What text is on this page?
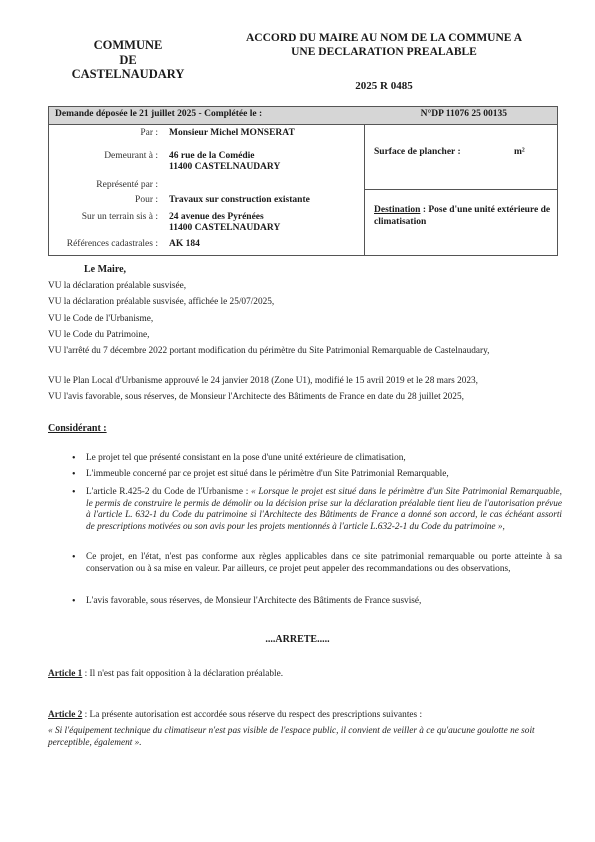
COMMUNE
DE
CASTELNAUDARY
ACCORD DU MAIRE AU NOM DE LA COMMUNE A
UNE DECLARATION PREALABLE
2025 R 0485
Demande déposée le 21 juillet 2025 - Complétée le :	N°DP 11076 25 00135
Par : Monsieur Michel MONSERAT
Demeurant à : 46 rue de la Comédie
11400 CASTELNAUDARY
Représenté par :
Pour : Travaux sur construction existante
Sur un terrain sis à : 24 avenue des Pyrénées
11400 CASTELNAUDARY
Références cadastrales : AK 184
Surface de plancher :	m²
Destination : Pose d'une unité extérieure de climatisation
Le Maire,
VU la déclaration préalable susvisée,
VU la déclaration préalable susvisée, affichée le 25/07/2025,
VU le Code de l'Urbanisme,
VU le Code du Patrimoine,
VU l'arrêté du 7 décembre 2022 portant modification du périmètre du Site Patrimonial Remarquable de Castelnaudary,
VU le Plan Local d'Urbanisme approuvé le 24 janvier 2018 (Zone U1), modifié le 15 avril 2019 et le 28 mars 2023,
VU l'avis favorable, sous réserves, de Monsieur l'Architecte des Bâtiments de France en date du 28 juillet 2025,
Considérant :
• Le projet tel que présenté consistant en la pose d'une unité extérieure de climatisation,
• L'immeuble concerné par ce projet est situé dans le périmètre d'un Site Patrimonial Remarquable,
• L'article R.425-2 du Code de l'Urbanisme : « Lorsque le projet est situé dans le périmètre d'un Site Patrimonial Remarquable, le permis de construire le permis de démolir ou la décision prise sur la déclaration préalable tient lieu de l'autorisation prévue à l'article L. 632-1 du Code du patrimoine si l'Architecte des Bâtiments de France a donné son accord, le cas échéant assorti de prescriptions motivées ou son avis pour les projets mentionnés à l'article L.632-2-1 du Code du patrimoine »,
• Ce projet, en l'état, n'est pas conforme aux règles applicables dans ce site patrimonial remarquable ou porte atteinte à sa conservation ou à sa mise en valeur. Par ailleurs, ce projet peut appeler des recommandations ou des observations,
• L'avis favorable, sous réserves, de Monsieur l'Architecte des Bâtiments de France susvisé,
....ARRETE.....
Article 1 : Il n'est pas fait opposition à la déclaration préalable.
Article 2 : La présente autorisation est accordée sous réserve du respect des prescriptions suivantes :
« Si l'équipement technique du climatiseur n'est pas visible de l'espace public, il convient de veiller à ce qu'aucune goulotte ne soit perceptible, également ».
